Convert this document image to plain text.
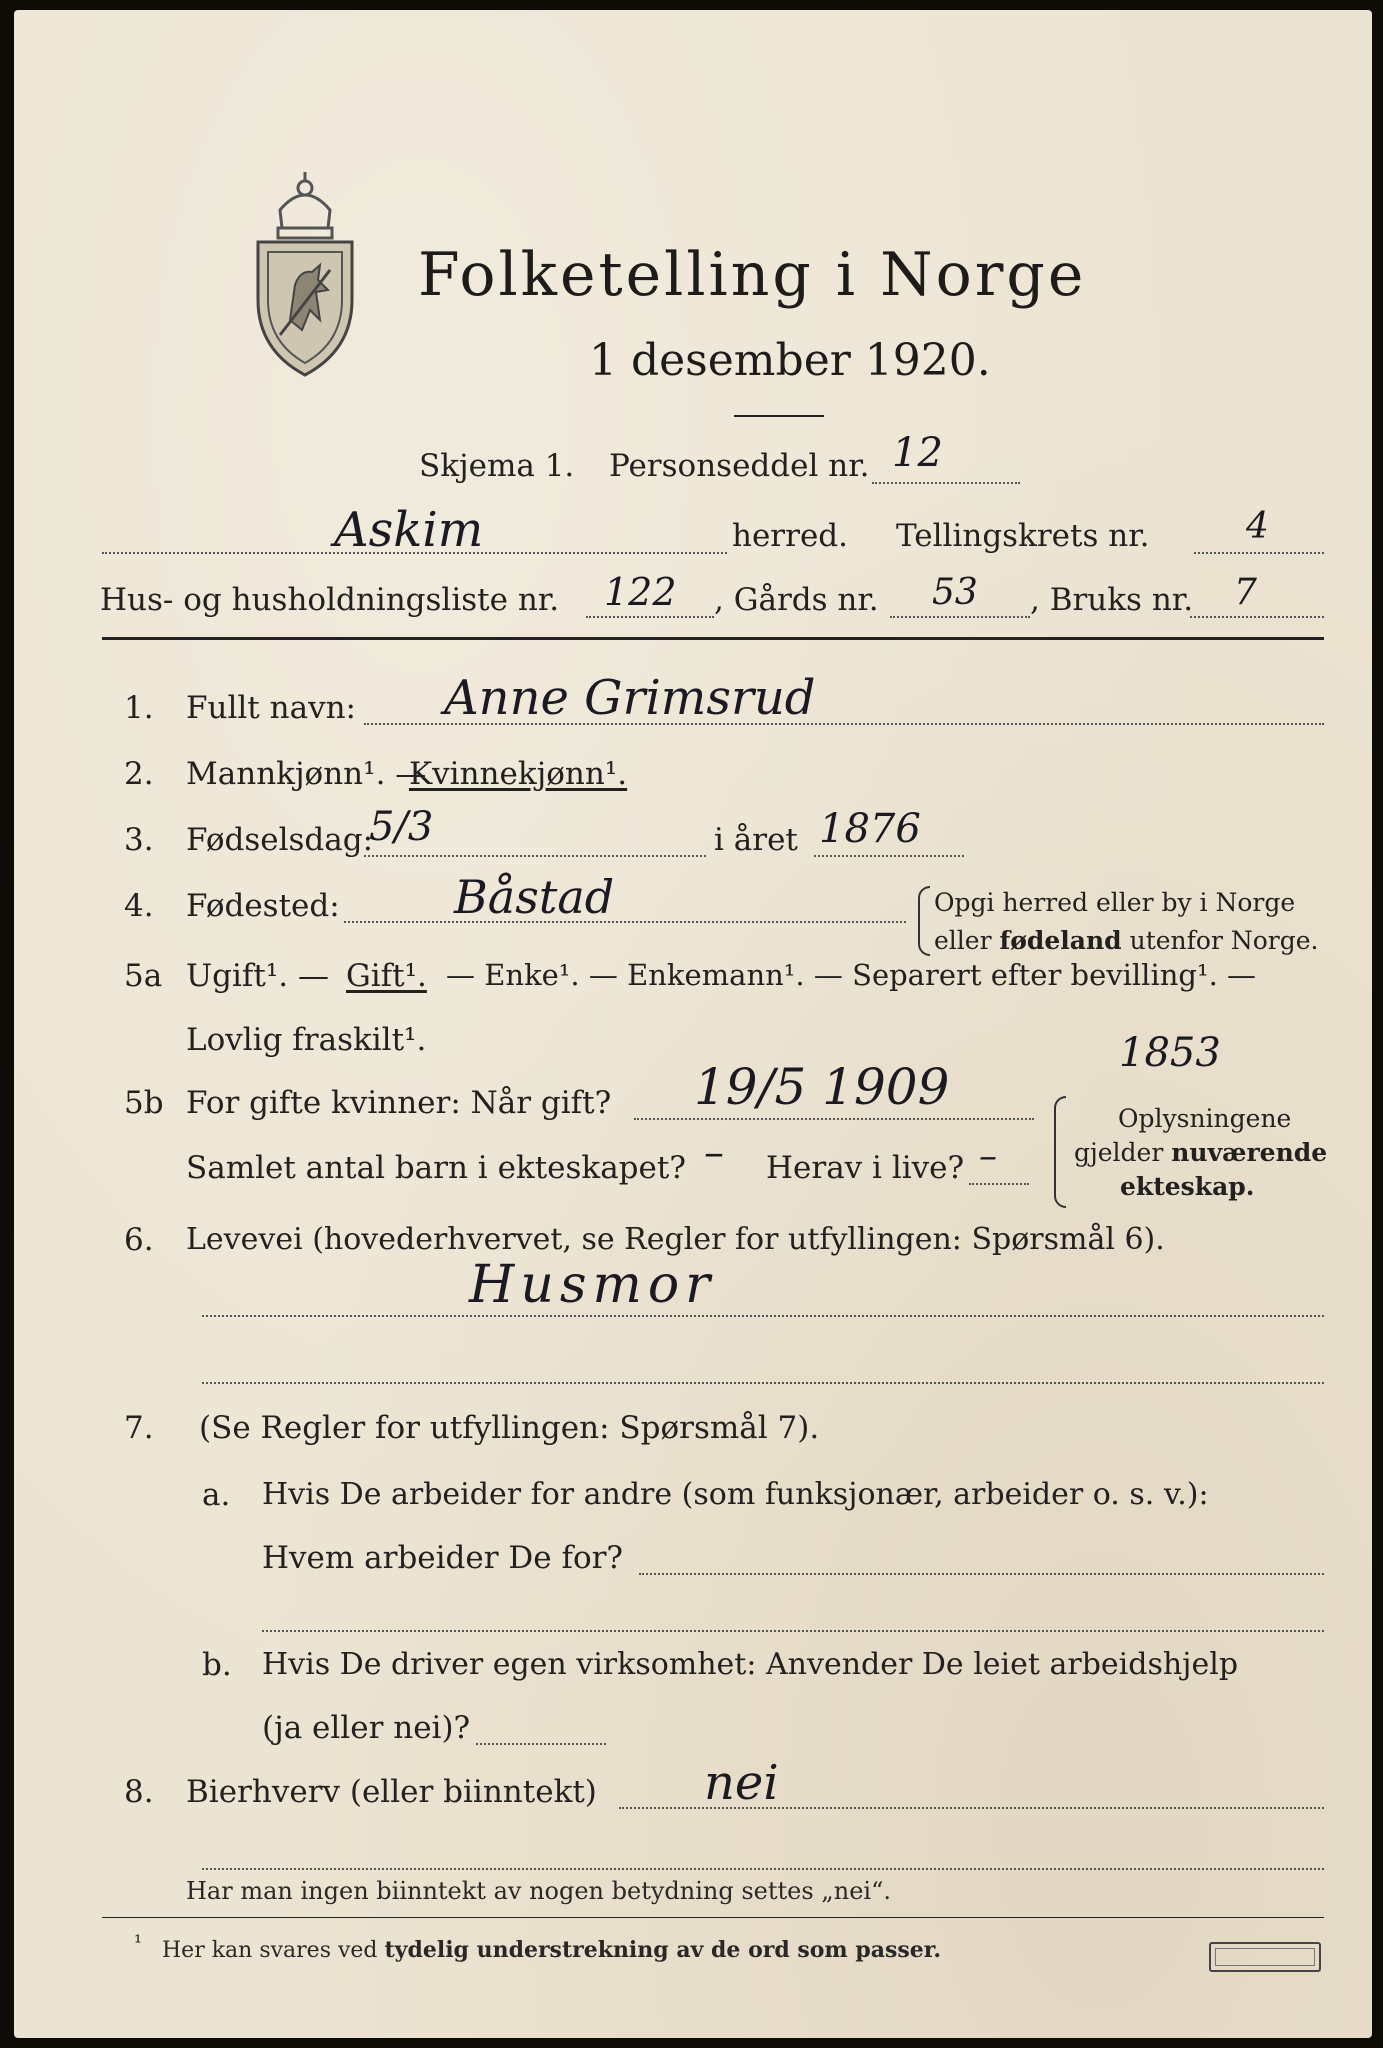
Folketelling i Norge
1 desember 1920.
Skjema 1. Personseddel nr. 12
Askim	herred. Tellingskrets nr.	4
Hus- og husholdningsliste nr. 122 , Gårds nr. 53 , Bruks nr. 7
1. Fullt navn: Anne Grimsrud
2. Mannkjønn¹. —
Kvinnekjønn¹.
3. Fødselsdag:
5/3	i året 1876
4. Fødested: Båstad	Opgi herred eller by i Norge
eller fødeland utenfor Norge.
5a Ugift¹. — Gift¹. — Enke¹. — Enkemann¹. — Separert efter bevilling¹. —
Lovlig fraskilt¹.
5b For gifte kvinner: Når gift? 19/5 1909
1853
Samlet antal barn i ekteskapet? – Herav i live? –
Oplysningene
gjelder nuværende
ekteskap.
6. Levevei (hovederhvervet, se Regler for utfyllingen: Spørsmål 6).
Husmor
7. (Se Regler for utfyllingen: Spørsmål 7).
a. Hvis De arbeider for andre (som funksjonær, arbeider o. s. v.):
Hvem arbeider De for?
b. Hvis De driver egen virksomhet: Anvender De leiet arbeidshjelp
(ja eller nei)?
8. Bierhverv (eller biinntekt) nei
Har man ingen biinntekt av nogen betydning settes „nei“.
¹ Her kan svares ved tydelig understrekning av de ord som passer.
